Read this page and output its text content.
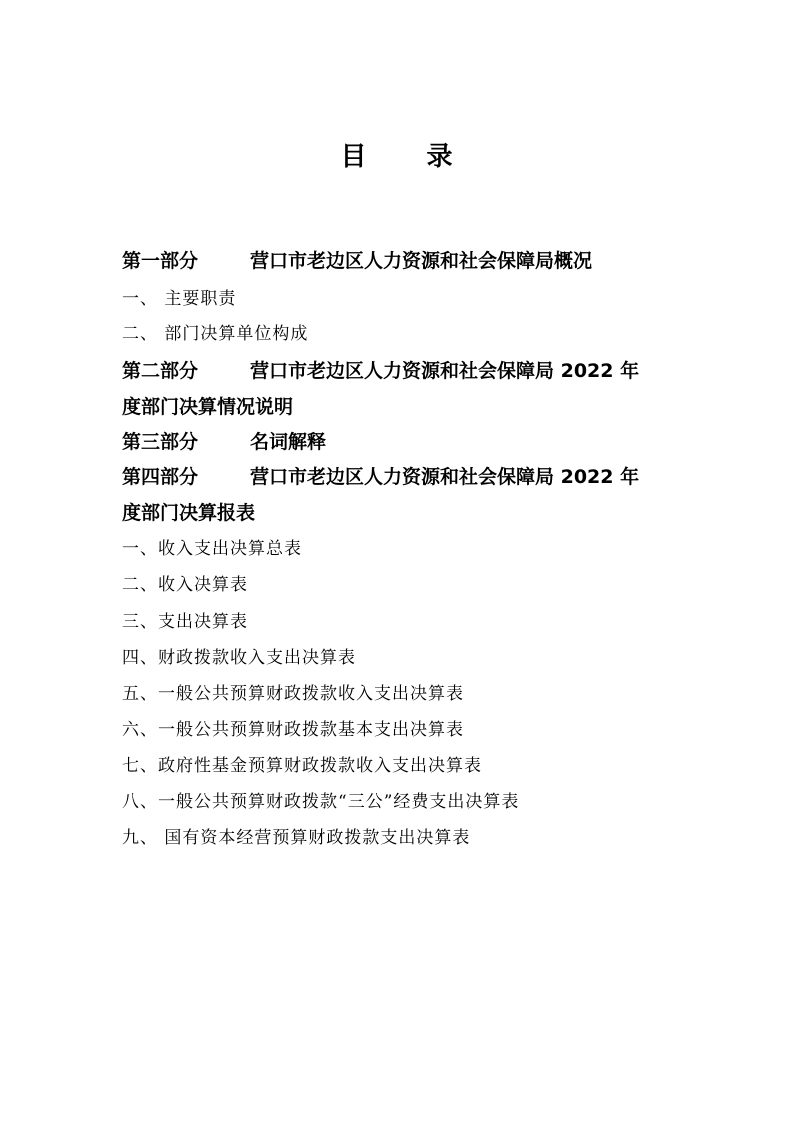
目 录
第一部分	营口市老边区人力资源和社会保障局概况
一、 主要职责
二、 部门决算单位构成
第二部分	营口市老边区人力资源和社会保障局 2022 年
度部门决算情况说明
第三部分	名词解释
第四部分	营口市老边区人力资源和社会保障局 2022 年
度部门决算报表
一、收入支出决算总表
二、收入决算表
三、支出决算表
四、财政拨款收入支出决算表
五、一般公共预算财政拨款收入支出决算表
六、一般公共预算财政拨款基本支出决算表
七、政府性基金预算财政拨款收入支出决算表
八、一般公共预算财政拨款“三公”经费支出决算表
九、 国有资本经营预算财政拨款支出决算表
